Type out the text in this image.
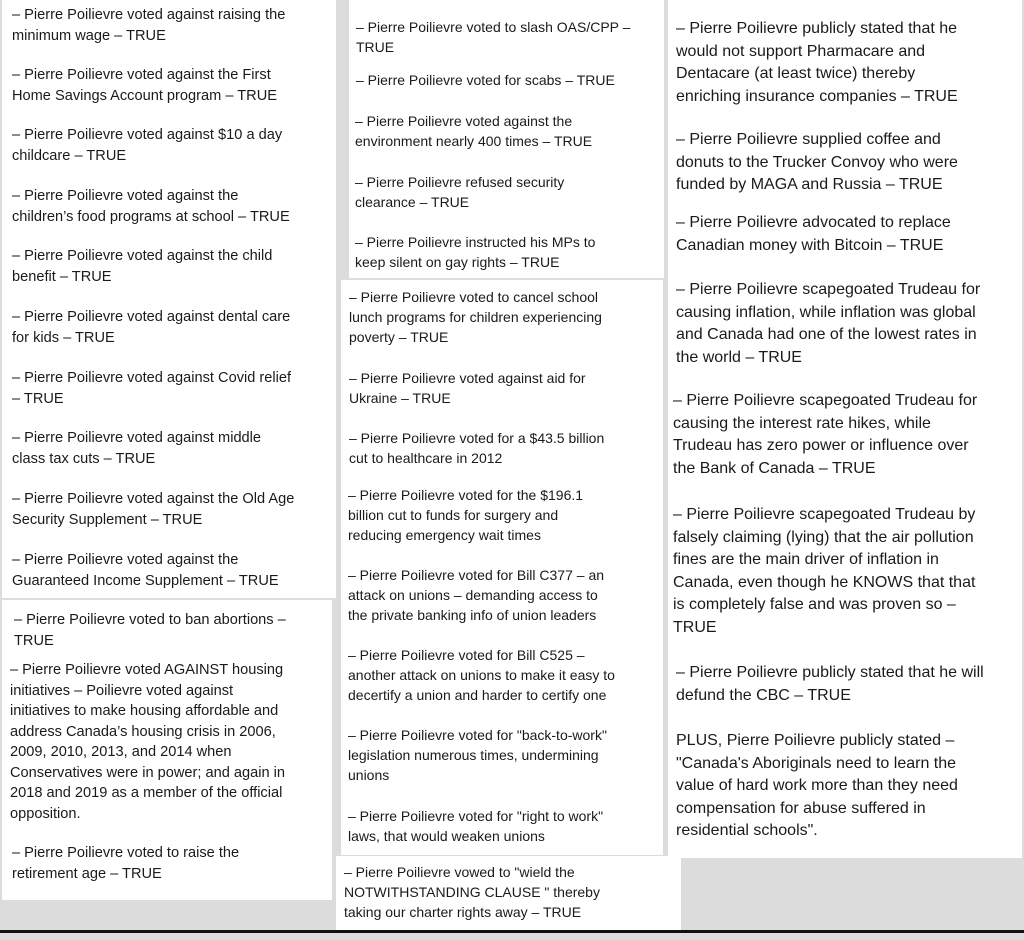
– Pierre Poilievre voted against raising the
minimum wage – TRUE

– Pierre Poilievre voted against the First
Home Savings Account program – TRUE

– Pierre Poilievre voted against $10 a day
childcare – TRUE

– Pierre Poilievre voted against the
children’s food programs at school – TRUE

– Pierre Poilievre voted against the child
benefit – TRUE

– Pierre Poilievre voted against dental care
for kids – TRUE

– Pierre Poilievre voted against Covid relief
– TRUE

– Pierre Poilievre voted against middle
class tax cuts – TRUE

– Pierre Poilievre voted against the Old Age
Security Supplement – TRUE

– Pierre Poilievre voted against the
Guaranteed Income Supplement – TRUE

– Pierre Poilievre voted to ban abortions –
TRUE

– Pierre Poilievre voted AGAINST housing
initiatives – Poilievre voted against
initiatives to make housing affordable and
address Canada’s housing crisis in 2006,
2009, 2010, 2013, and 2014 when
Conservatives were in power; and again in
2018 and 2019 as a member of the official
opposition.

– Pierre Poilievre voted to raise the
retirement age – TRUE

– Pierre Poilievre voted to slash OAS/CPP –
TRUE

– Pierre Poilievre voted for scabs – TRUE

– Pierre Poilievre voted against the
environment nearly 400 times – TRUE

– Pierre Poilievre refused security
clearance – TRUE

– Pierre Poilievre instructed his MPs to
keep silent on gay rights – TRUE

– Pierre Poilievre voted to cancel school
lunch programs for children experiencing
poverty – TRUE

– Pierre Poilievre voted against aid for
Ukraine – TRUE

– Pierre Poilievre voted for a $43.5 billion
cut to healthcare in 2012

– Pierre Poilievre voted for the $196.1
billion cut to funds for surgery and
reducing emergency wait times

– Pierre Poilievre voted for Bill C377 – an
attack on unions – demanding access to
the private banking info of union leaders

– Pierre Poilievre voted for Bill C525 –
another attack on unions to make it easy to
decertify a union and harder to certify one

– Pierre Poilievre voted for "back-to-work"
legislation numerous times, undermining
unions

– Pierre Poilievre voted for "right to work"
laws, that would weaken unions

– Pierre Poilievre vowed to "wield the
NOTWITHSTANDING CLAUSE " thereby
taking our charter rights away – TRUE

– Pierre Poilievre publicly stated that he
would not support Pharmacare and
Dentacare (at least twice) thereby
enriching insurance companies – TRUE

– Pierre Poilievre supplied coffee and
donuts to the Trucker Convoy who were
funded by MAGA and Russia – TRUE

– Pierre Poilievre advocated to replace
Canadian money with Bitcoin – TRUE

– Pierre Poilievre scapegoated Trudeau for
causing inflation, while inflation was global
and Canada had one of the lowest rates in
the world – TRUE

– Pierre Poilievre scapegoated Trudeau for
causing the interest rate hikes, while
Trudeau has zero power or influence over
the Bank of Canada – TRUE

– Pierre Poilievre scapegoated Trudeau by
falsely claiming (lying) that the air pollution
fines are the main driver of inflation in
Canada, even though he KNOWS that that
is completely false and was proven so –
TRUE

– Pierre Poilievre publicly stated that he will
defund the CBC – TRUE

PLUS, Pierre Poilievre publicly stated –
"Canada's Aboriginals need to learn the
value of hard work more than they need
compensation for abuse suffered in
residential schools".
